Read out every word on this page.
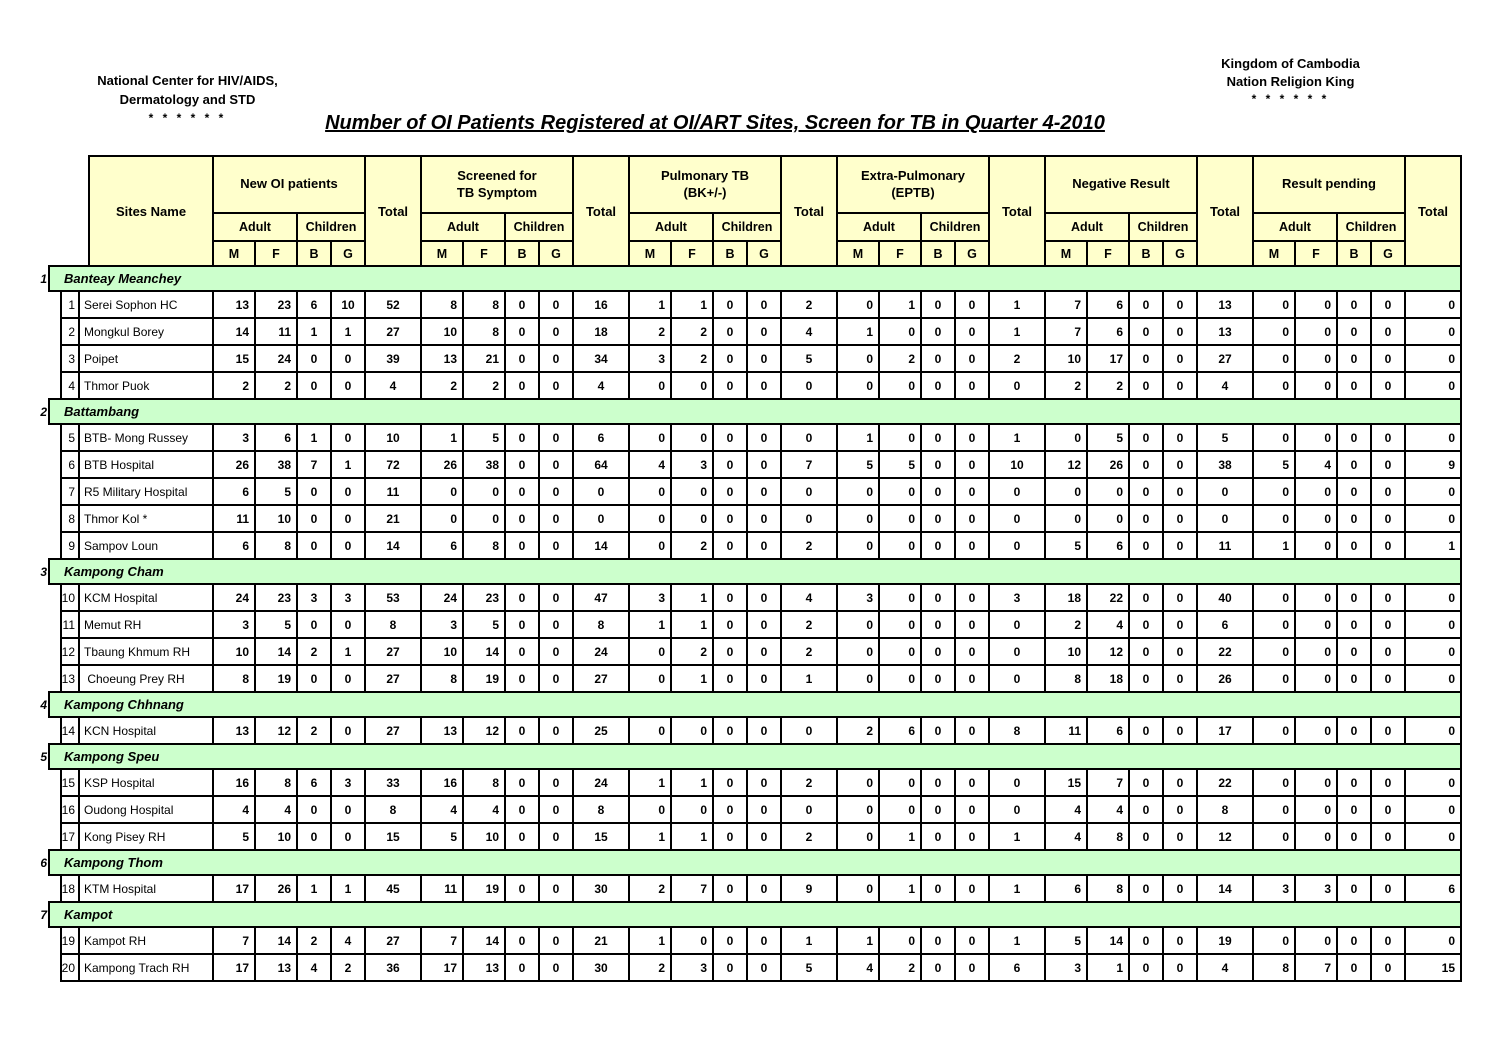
National Center for HIV/AIDS,
Dermatology and STD
* * * * * *
Kingdom of Cambodia
Nation Religion King
* * * * * *
Number of OI Patients Registered at OI/ART Sites, Screen for TB in Quarter 4-2010
Sites Name
New OI patients
Adult	Children
M	F	B	G
Total
Screened for
TB Symptom
Adult	Children
M	F	B	G
Total
Pulmonary TB
(BK+/-)
Adult	Children
M	F	B	G
Total
Extra-Pulmonary
(EPTB)
Adult	Children
M	F	B	G
Total
Negative Result
Adult	Children
M	F	B	G
Total
Result pending
Adult	Children
M	F	B	G
Total
1	Banteay Meanchey
1 Serei Sophon HC	13	23	6	10	52	8	8	0	0	16	1	1	0	0	2	0	1	0	0	1	7	6	0	0	13	0	0	0	0	0
2 Mongkul Borey	14	11	1	1	27	10	8	0	0	18	2	2	0	0	4	1	0	0	0	1	7	6	0	0	13	0	0	0	0	0
3 Poipet	15	24	0	0	39	13	21	0	0	34	3	2	0	0	5	0	2	0	0	2	10	17	0	0	27	0	0	0	0	0
4 Thmor Puok	2	2	0	0	4	2	2	0	0	4	0	0	0	0	0	0	0	0	0	0	2	2	0	0	4	0	0	0	0	0
2	Battambang
5 BTB- Mong Russey	3	6	1	0	10	1	5	0	0	6	0	0	0	0	0	1	0	0	0	1	0	5	0	0	5	0	0	0	0	0
6 BTB Hospital	26	38	7	1	72	26	38	0	0	64	4	3	0	0	7	5	5	0	0	10	12	26	0	0	38	5	4	0	0	9
7 R5 Military Hospital	6	5	0	0	11	0	0	0	0	0	0	0	0	0	0	0	0	0	0	0	0	0	0	0	0	0	0	0	0	0
8 Thmor Kol *	11	10	0	0	21	0	0	0	0	0	0	0	0	0	0	0	0	0	0	0	0	0	0	0	0	0	0	0	0	0
9 Sampov Loun	6	8	0	0	14	6	8	0	0	14	0	2	0	0	2	0	0	0	0	0	5	6	0	0	11	1	0	0	0	1
3	Kampong Cham
10 KCM Hospital	24	23	3	3	53	24	23	0	0	47	3	1	0	0	4	3	0	0	0	3	18	22	0	0	40	0	0	0	0	0
11 Memut RH	3	5	0	0	8	3	5	0	0	8	1	1	0	0	2	0	0	0	0	0	2	4	0	0	6	0	0	0	0	0
12 Tbaung Khmum RH	10	14	2	1	27	10	14	0	0	24	0	2	0	0	2	0	0	0	0	0	10	12	0	0	22	0	0	0	0	0
13 Choeung Prey RH	8	19	0	0	27	8	19	0	0	27	0	1	0	0	1	0	0	0	0	0	8	18	0	0	26	0	0	0	0	0
4	Kampong Chhnang
14 KCN Hospital	13	12	2	0	27	13	12	0	0	25	0	0	0	0	0	2	6	0	0	8	11	6	0	0	17	0	0	0	0	0
5	Kampong Speu
15 KSP Hospital	16	8	6	3	33	16	8	0	0	24	1	1	0	0	2	0	0	0	0	0	15	7	0	0	22	0	0	0	0	0
16 Oudong Hospital	4	4	0	0	8	4	4	0	0	8	0	0	0	0	0	0	0	0	0	0	4	4	0	0	8	0	0	0	0	0
17 Kong Pisey RH	5	10	0	0	15	5	10	0	0	15	1	1	0	0	2	0	1	0	0	1	4	8	0	0	12	0	0	0	0	0
6	Kampong Thom
18 KTM Hospital	17	26	1	1	45	11	19	0	0	30	2	7	0	0	9	0	1	0	0	1	6	8	0	0	14	3	3	0	0	6
7	Kampot
19 Kampot RH	7	14	2	4	27	7	14	0	0	21	1	0	0	0	1	1	0	0	0	1	5	14	0	0	19	0	0	0	0	0
20 Kampong Trach RH	17	13	4	2	36	17	13	0	0	30	2	3	0	0	5	4	2	0	0	6	3	1	0	0	4	8	7	0	0	15
